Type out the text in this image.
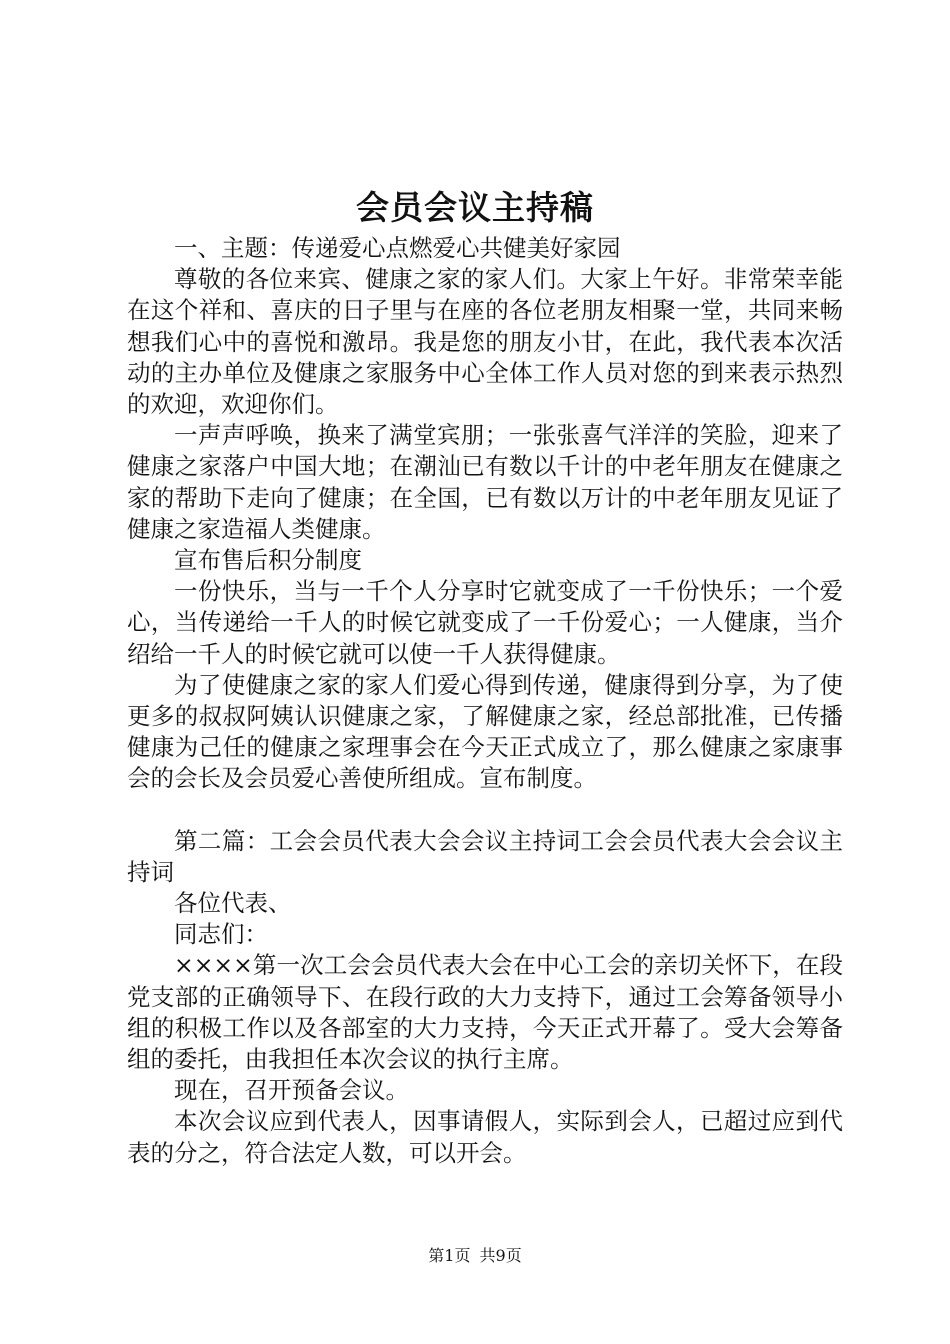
会员会议主持稿

一、主题：传递爱心点燃爱心共健美好家园

尊敬的各位来宾、健康之家的家人们。大家上午好。非常荣幸能在这个祥和、喜庆的日子里与在座的各位老朋友相聚一堂，共同来畅想我们心中的喜悦和激昂。我是您的朋友小甘，在此，我代表本次活动的主办单位及健康之家服务中心全体工作人员对您的到来表示热烈的欢迎，欢迎你们。

一声声呼唤，换来了满堂宾朋；一张张喜气洋洋的笑脸，迎来了健康之家落户中国大地；在潮汕已有数以千计的中老年朋友在健康之家的帮助下走向了健康；在全国，已有数以万计的中老年朋友见证了健康之家造福人类健康。

宣布售后积分制度

一份快乐，当与一千个人分享时它就变成了一千份快乐；一个爱心，当传递给一千人的时候它就变成了一千份爱心；一人健康，当介绍给一千人的时候它就可以使一千人获得健康。

为了使健康之家的家人们爱心得到传递，健康得到分享，为了使更多的叔叔阿姨认识健康之家，了解健康之家，经总部批准，已传播健康为己任的健康之家理事会在今天正式成立了，那么健康之家康事会的会长及会员爱心善使所组成。宣布制度。

第二篇：工会会员代表大会会议主持词工会会员代表大会会议主持词

各位代表、

同志们：

××××第一次工会会员代表大会在中心工会的亲切关怀下，在段党支部的正确领导下、在段行政的大力支持下，通过工会筹备领导小组的积极工作以及各部室的大力支持，今天正式开幕了。受大会筹备组的委托，由我担任本次会议的执行主席。

现在，召开预备会议。

本次会议应到代表人，因事请假人，实际到会人，已超过应到代表的分之，符合法定人数，可以开会。

第1页 共9页
